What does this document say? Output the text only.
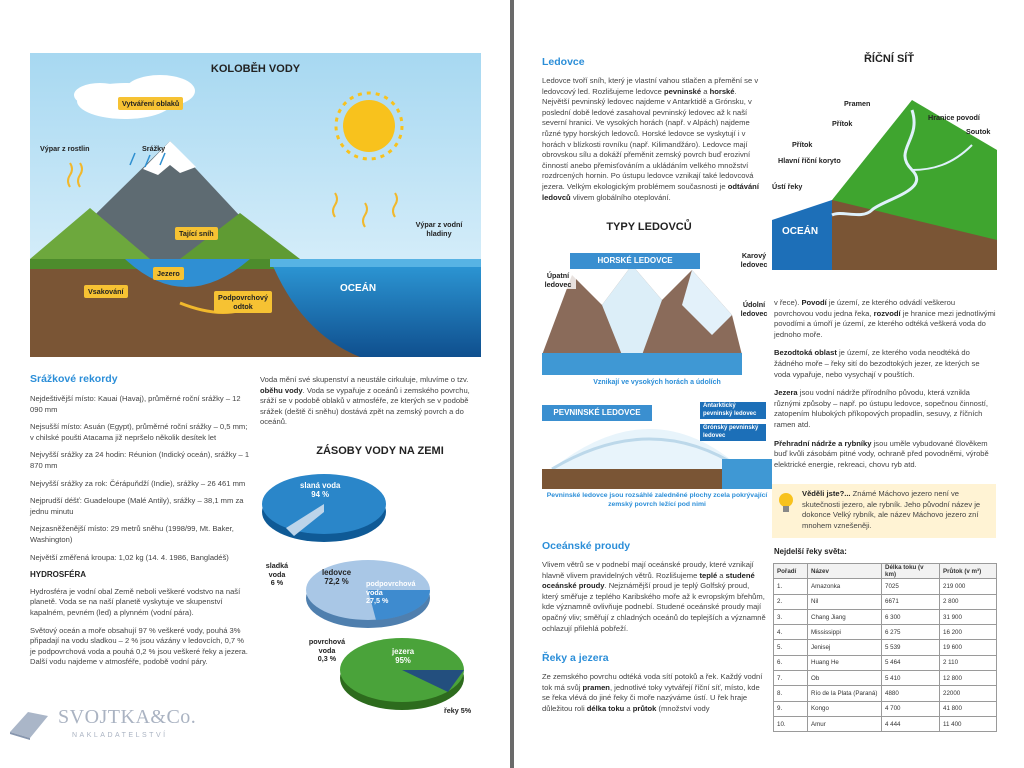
KOLOBĚH VODY
Vytváření oblaků
Výpar z rostlin	Srážky
Výpar z vodní hladiny
Tající sníh
Jezero
Vsakování
Podpovrchový odtok
OCEÁN
Srážkové rekordy
Nejdeštivější místo: Kauai (Havaj), průměrné roční srážky – 12 090 mm
Nejsušší místo: Asuán (Egypt), průměrné roční srážky – 0,5 mm; v chilské poušti Atacama již nepršelo několik desítek let
Nejvyšší srážky za 24 hodin: Réunion (Indický oceán), srážky – 1 870 mm
Nejvyšší srážky za rok: Čérápuňdží (Indie), srážky – 26 461 mm
Nejprudší déšť: Guadeloupe (Malé Antily), srážky – 38,1 mm za jednu minutu
Nejzasněženější místo: 29 metrů sněhu (1998/99, Mt. Baker, Washington)
Největší změřená kroupa: 1,02 kg (14. 4. 1986, Bangladéš)
HYDROSFÉRA
Hydrosféra je vodní obal Země neboli veškeré vodstvo na naší planetě. Voda se na naší planetě vyskytuje ve skupenství kapalném, pevném (led) a plynném (vodní pára).
Světový oceán a moře obsahují 97 % veškeré vody, pouhá 3% připadají na vodu sladkou – 2 % jsou vázány v ledovcích, 0,7 % je podpovrchová voda a pouhá 0,2 % jsou veškeré řeky a jezera. Další vodu najdeme v atmosféře, podobě vodní páry.
Voda mění své skupenství a neustále cirkuluje, mluvíme o tzv. oběhu vody. Voda se vypařuje z oceánů i zemského povrchu, sráží se v podobě oblaků v atmosféře, ze kterých se v podobě srážek (deště či sněhu) dostává zpět na zemský povrch a do oceánů.
ZÁSOBY VODY NA ZEMI
slaná voda
94 %
sladká voda
6 %
ledovce
72,2 %	podpovrchová voda
27,5 %
povrchová voda
0,3 %
jezera
95%
řeky 5%
SVOJTKA&Co.
NAKLADATELSTVÍ
Ledovce
Ledovce tvoří sníh, který je vlastní vahou stlačen a přemění se v ledovcový led. Rozlišujeme ledovce pevninské a horské. Největší pevninský ledovec najdeme v Antarktidě a Grónsku, v poslední době ledové zasahoval pevninský ledovec až k naší severní hranici. Ve vysokých horách (např. v Alpách) najdeme různé typy horských ledovců. Horské ledovce se vyskytují i v horách v blízkosti rovníku (např. Kilimandžáro). Ledovce mají obrovskou sílu a dokáží přeměnit zemský povrch buď erozivní činností anebo přemisťováním a ukládáním velkého množství rozdrcených hornin. Po ústupu ledovce vznikají také ledovcová jezera. Velkým ekologickým problémem současnosti je odtávání ledovců vlivem globálního oteplování.
TYPY LEDOVCŮ
HORSKÉ LEDOVCE
Vznikají ve vysokých horách a údolích
Karový ledovec
Úpatní ledovec
Údolní ledovec
PEVNINSKÉ LEDOVCE
Pevninské ledovce jsou rozsáhlé zaledněné plochy zcela pokrývající zemský povrch ležící pod nimi
Antarktický pevninský ledovec
Grónský pevninský ledovec
Oceánské proudy
Vlivem větrů se v podnebí mají oceánské proudy, které vznikají hlavně vlivem pravidelných větrů. Rozlišujeme teplé a studené oceánské proudy. Nejznámější proud je teplý Golfský proud, který směřuje z teplého Karibského moře až k evropským břehům, kde významně ovlivňuje podnebí. Studené oceánské proudy mají opačný vliv; směřují z chladných oceánů do teplejších a významně ochlazují přilehlá pobřeží.
Řeky a jezera
Ze zemského povrchu odtéká voda sítí potoků a řek. Každý vodní tok má svůj pramen, jednotlivé toky vytvářejí říční síť, místo, kde se řeka vlévá do jiné řeky či moře nazýváme ústí. U řek hraje důležitou roli délka toku a průtok (množství vody
ŘÍČNÍ SÍŤ
OCEÁN
Pramen
Přítok
Hranice povodí
Soutok
Přítok
Hlavní říční koryto
Ústí řeky
v řece). Povodí je území, ze kterého odvádí veškerou povrchovou vodu jedna řeka, rozvodí je hranice mezi jednotlivými povodími a úmoří je území, ze kterého odtéká veškerá voda do jednoho moře.
Bezodtoká oblast je území, ze kterého voda neodtéká do žádného moře – řeky sití do bezodtokých jezer, ze kterých se voda vypařuje, nebo vysychají v pouštích.
Jezera jsou vodní nádrže přírodního původu, která vznikla různými způsoby – např. po ústupu ledovce, sopečnou činností, zatopením hlubokých příkopových propadlin, sesuvy, z říčních ramen atd.
Přehradní nádrže a rybníky jsou uměle vybudované člověkem buď kvůli zásobám pitné vody, ochraně před povodněmi, výrobě elektrické energie, rekreaci, chovu ryb atd.
Věděli jste?... Známé Máchovo jezero není ve skutečnosti jezero, ale rybník. Jeho původní název je dokonce Velký rybník, ale název Máchovo jezero zní mnohem vznešeněji.
Nejdelší řeky světa:
Pořadí	Název	Délka toku (v km)	Průtok (v m³)
1.	Amazonka	7025	219 000
2.	Nil	6671	2 800
3.	Chang Jiang	6 300	31 900
4.	Mississippi	6 275	16 200
5.	Jenisej	5 539	19 600
6.	Huang He	5 464	2 110
7.	Ob	5 410	12 800
8.	Río de la Plata (Paraná)	4880	22000
9.	Kongo	4 700	41 800
10.	Amur	4 444	11 400
